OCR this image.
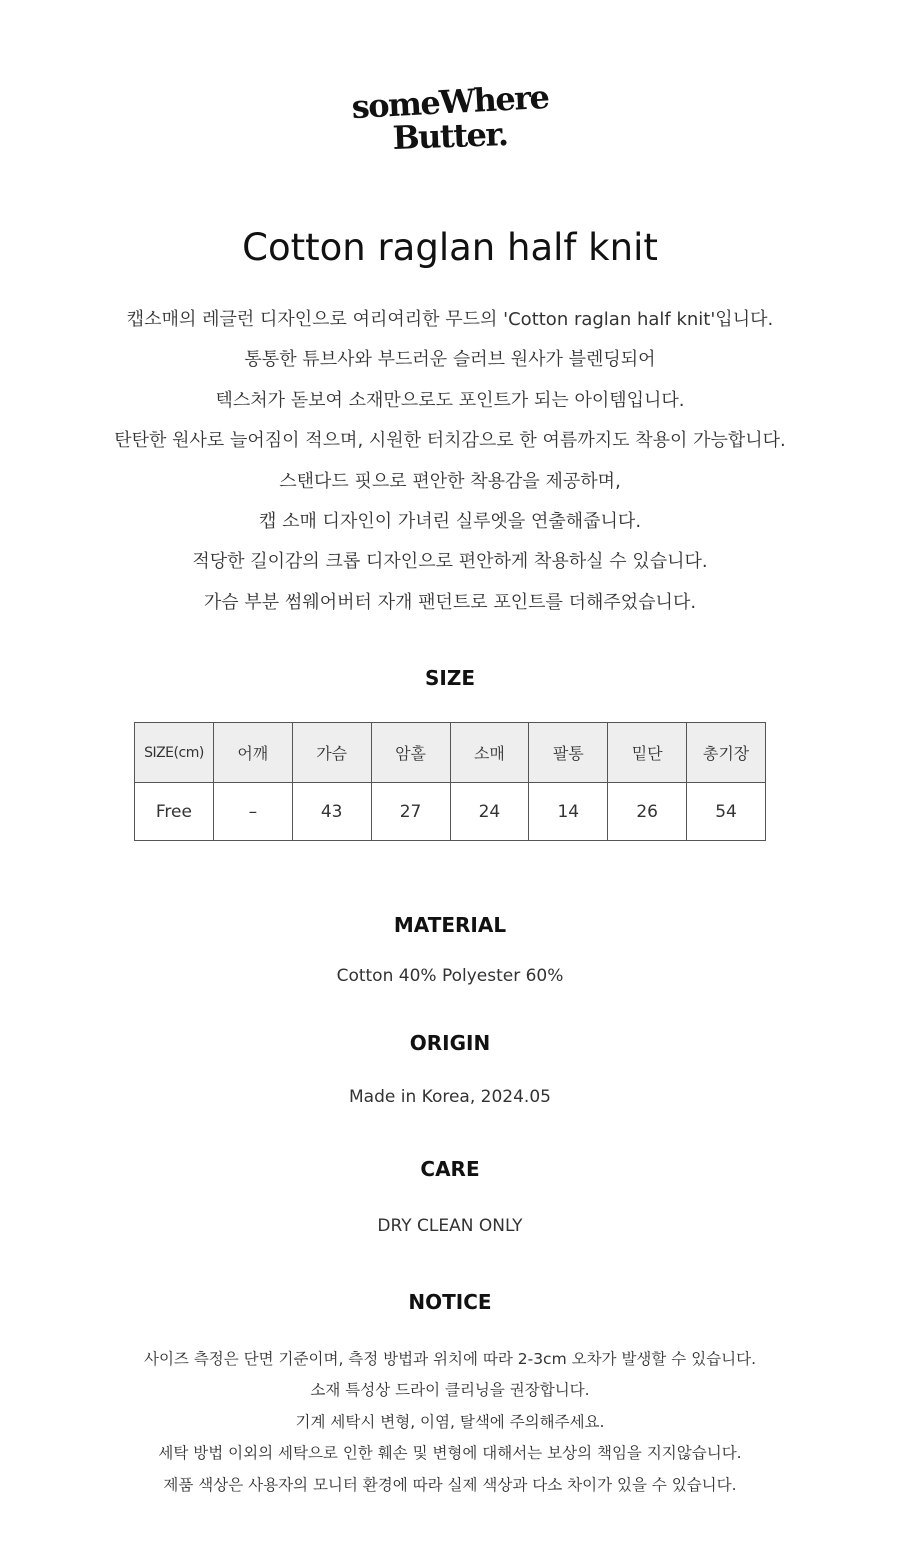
someWhere
Butter.
Cotton raglan half knit

캡소매의 레글런 디자인으로 여리여리한 무드의 'Cotton raglan half knit'입니다.

통통한 튜브사와 부드러운 슬러브 원사가 블렌딩되어

텍스처가 돋보여 소재만으로도 포인트가 되는 아이템입니다.

탄탄한 원사로 늘어짐이 적으며, 시원한 터치감으로 한 여름까지도 착용이 가능합니다.

스탠다드 핏으로 편안한 착용감을 제공하며,

캡 소매 디자인이 가녀린 실루엣을 연출해줍니다.

적당한 길이감의 크롭 디자인으로 편안하게 착용하실 수 있습니다.

가슴 부분 썸웨어버터 자개 팬던트로 포인트를 더해주었습니다.

SIZE
SIZE(cm)	어깨	가슴	암홀	소매	팔통	밑단	총기장
Free	–	43	27	24	14	26	54
MATERIAL
Cotton 40% Polyester 60%
ORIGIN
Made in Korea, 2024.05
CARE
DRY CLEAN ONLY
NOTICE

사이즈 측정은 단면 기준이며, 측정 방법과 위치에 따라 2-3cm 오차가 발생할 수 있습니다.

소재 특성상 드라이 클리닝을 권장합니다.

기계 세탁시 변형, 이염, 탈색에 주의해주세요.

세탁 방법 이외의 세탁으로 인한 훼손 및 변형에 대해서는 보상의 책임을 지지않습니다.

제품 색상은 사용자의 모니터 환경에 따라 실제 색상과 다소 차이가 있을 수 있습니다.
